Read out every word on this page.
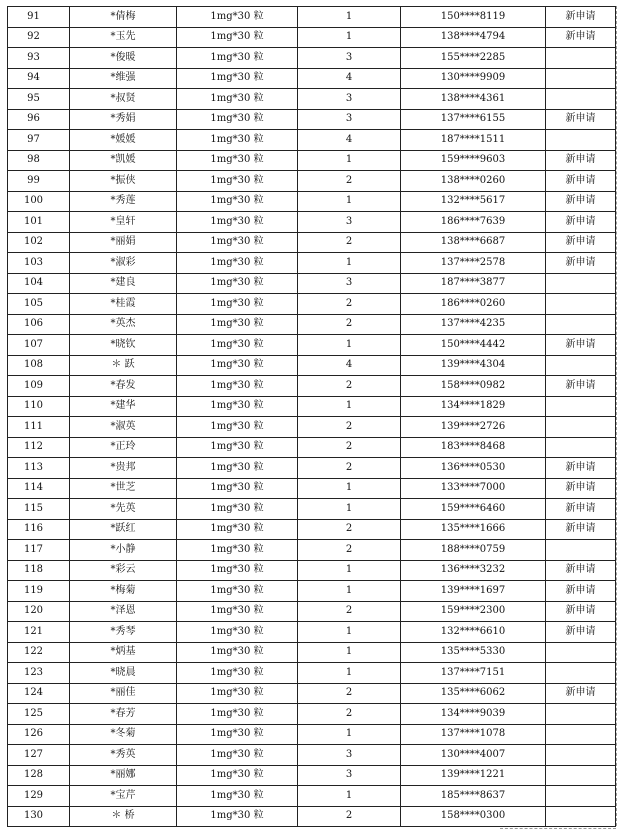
91	*倩梅	1mg*30 粒	1	150****8119	新申请
92	*玉先	1mg*30 粒	1	138****4794	新申请
93	*俊暖	1mg*30 粒	3	155****2285	
94	*维强	1mg*30 粒	4	130****9909	
95	*叔贤	1mg*30 粒	3	138****4361	
96	*秀娟	1mg*30 粒	3	137****6155	新申请
97	*媛媛	1mg*30 粒	4	187****1511	
98	*凯媛	1mg*30 粒	1	159****9603	新申请
99	*振侠	1mg*30 粒	2	138****0260	新申请
100	*秀莲	1mg*30 粒	1	132****5617	新申请
101	*皇轩	1mg*30 粒	3	186****7639	新申请
102	*丽娟	1mg*30 粒	2	138****6687	新申请
103	*淑彩	1mg*30 粒	1	137****2578	新申请
104	*建良	1mg*30 粒	3	187****3877	
105	*桂霞	1mg*30 粒	2	186****0260	
106	*英杰	1mg*30 粒	2	137****4235	
107	*晓钦	1mg*30 粒	1	150****4442	新申请
108	＊ 跃	1mg*30 粒	4	139****4304	
109	*春发	1mg*30 粒	2	158****0982	新申请
110	*建华	1mg*30 粒	1	134****1829	
111	*淑英	1mg*30 粒	2	139****2726	
112	*正玲	1mg*30 粒	2	183****8468	
113	*贵邦	1mg*30 粒	2	136****0530	新申请
114	*世芝	1mg*30 粒	1	133****7000	新申请
115	*先英	1mg*30 粒	1	159****6460	新申请
116	*跃红	1mg*30 粒	2	135****1666	新申请
117	*小静	1mg*30 粒	2	188****0759	
118	*彩云	1mg*30 粒	1	136****3232	新申请
119	*梅菊	1mg*30 粒	1	139****1697	新申请
120	*泽恩	1mg*30 粒	2	159****2300	新申请
121	*秀琴	1mg*30 粒	1	132****6610	新申请
122	*炳基	1mg*30 粒	1	135****5330	
123	*晓晨	1mg*30 粒	1	137****7151	
124	*丽佳	1mg*30 粒	2	135****6062	新申请
125	*春芳	1mg*30 粒	2	134****9039	
126	*冬菊	1mg*30 粒	1	137****1078	
127	*秀英	1mg*30 粒	3	130****4007	
128	*丽娜	1mg*30 粒	3	139****1221	
129	*宝芹	1mg*30 粒	1	185****8637	
130	＊ 桥	1mg*30 粒	2	158****0300	
